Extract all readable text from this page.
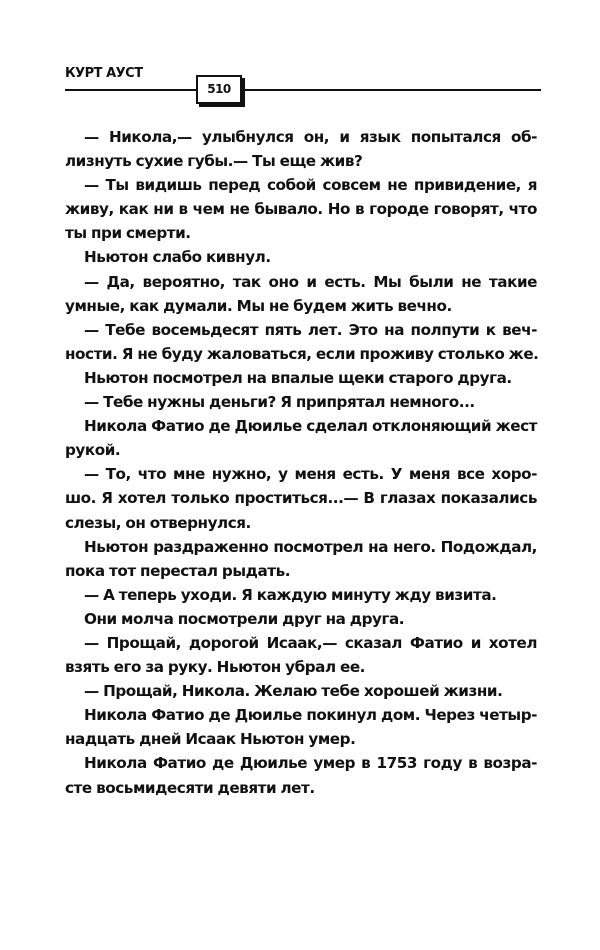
КУРТ АУСТ
510
— Никола,— улыбнулся он, и язык попытался об-
лизнуть сухие губы.— Ты еще жив?
— Ты видишь перед собой совсем не привидение, я
живу, как ни в чем не бывало. Но в городе говорят, что
ты при смерти.
Ньютон слабо кивнул.
— Да, вероятно, так оно и есть. Мы были не такие
умные, как думали. Мы не будем жить вечно.
— Тебе восемьдесят пять лет. Это на полпути к веч-
ности. Я не буду жаловаться, если проживу столько же.
Ньютон посмотрел на впалые щеки старого друга.
— Тебе нужны деньги? Я припрятал немного...
Никола Фатио де Дюилье сделал отклоняющий жест
рукой.
— То, что мне нужно, у меня есть. У меня все хоро-
шо. Я хотел только проститься...— В глазах показались
слезы, он отвернулся.
Ньютон раздраженно посмотрел на него. Подождал,
пока тот перестал рыдать.
— А теперь уходи. Я каждую минуту жду визита.
Они молча посмотрели друг на друга.
— Прощай, дорогой Исаак,— сказал Фатио и хотел
взять его за руку. Ньютон убрал ее.
— Прощай, Никола. Желаю тебе хорошей жизни.
Никола Фатио де Дюилье покинул дом. Через четыр-
надцать дней Исаак Ньютон умер.
Никола Фатио де Дюилье умер в 1753 году в возра-
сте восьмидесяти девяти лет.
